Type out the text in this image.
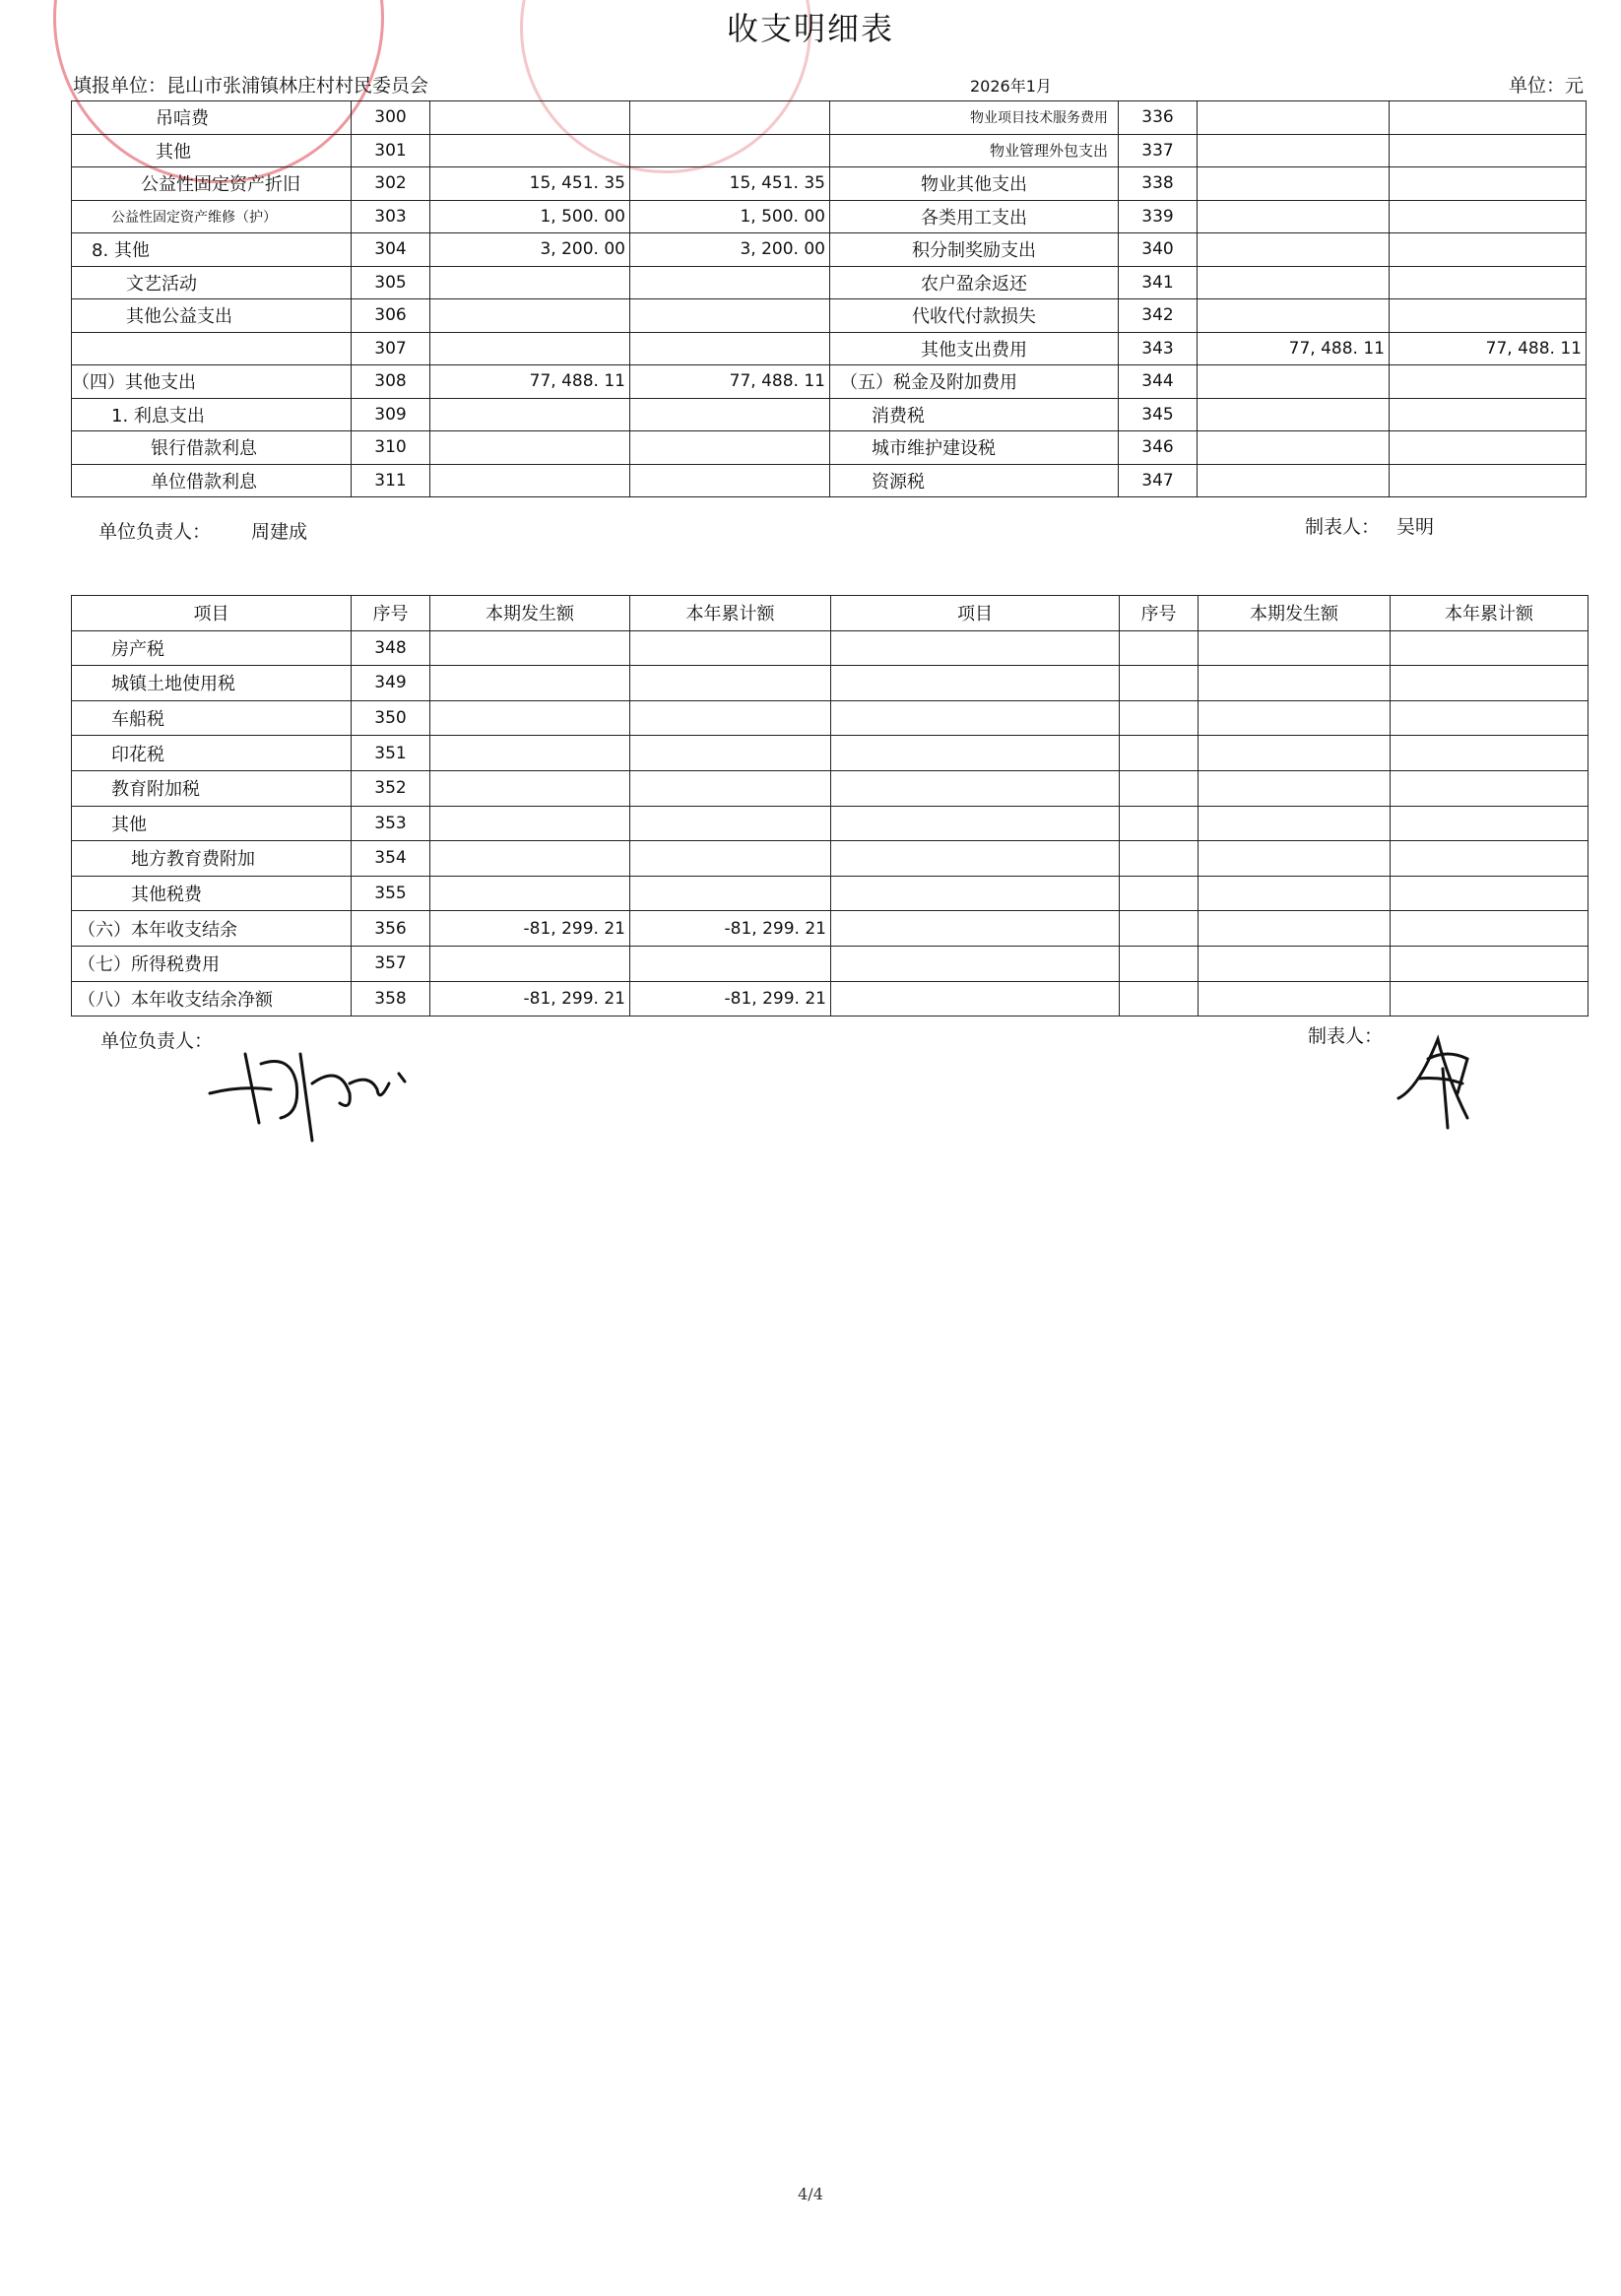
收支明细表
填报单位：昆山市张浦镇林庄村村民委员会	2026年1月	单位：元
吊唁费	300			物业项目技术服务费用	336		
其他	301			物业管理外包支出	337		
公益性固定资产折旧	302	15, 451. 35	15, 451. 35	物业其他支出	338		
公益性固定资产维修（护）	303	1, 500. 00	1, 500. 00	各类用工支出	339		
8. 其他	304	3, 200. 00	3, 200. 00	积分制奖励支出	340		
文艺活动	305			农户盈余返还	341		
其他公益支出	306			代收代付款损失	342		
	307			其他支出费用	343	77, 488. 11	77, 488. 11
（四）其他支出	308	77, 488. 11	77, 488. 11	（五）税金及附加费用	344		
1. 利息支出	309			消费税	345		
银行借款利息	310			城市维护建设税	346		
单位借款利息	311			资源税	347		
单位负责人： 周建成	制表人： 吴明
项目	序号	本期发生额	本年累计额	项目	序号	本期发生额	本年累计额
房产税	348						
城镇土地使用税	349						
车船税	350						
印花税	351						
教育附加税	352						
其他	353						
地方教育费附加	354						
其他税费	355						
（六）本年收支结余	356	-81, 299. 21	-81, 299. 21				
（七）所得税费用	357						
（八）本年收支结余净额	358	-81, 299. 21	-81, 299. 21				
单位负责人：	制表人：
4/4
